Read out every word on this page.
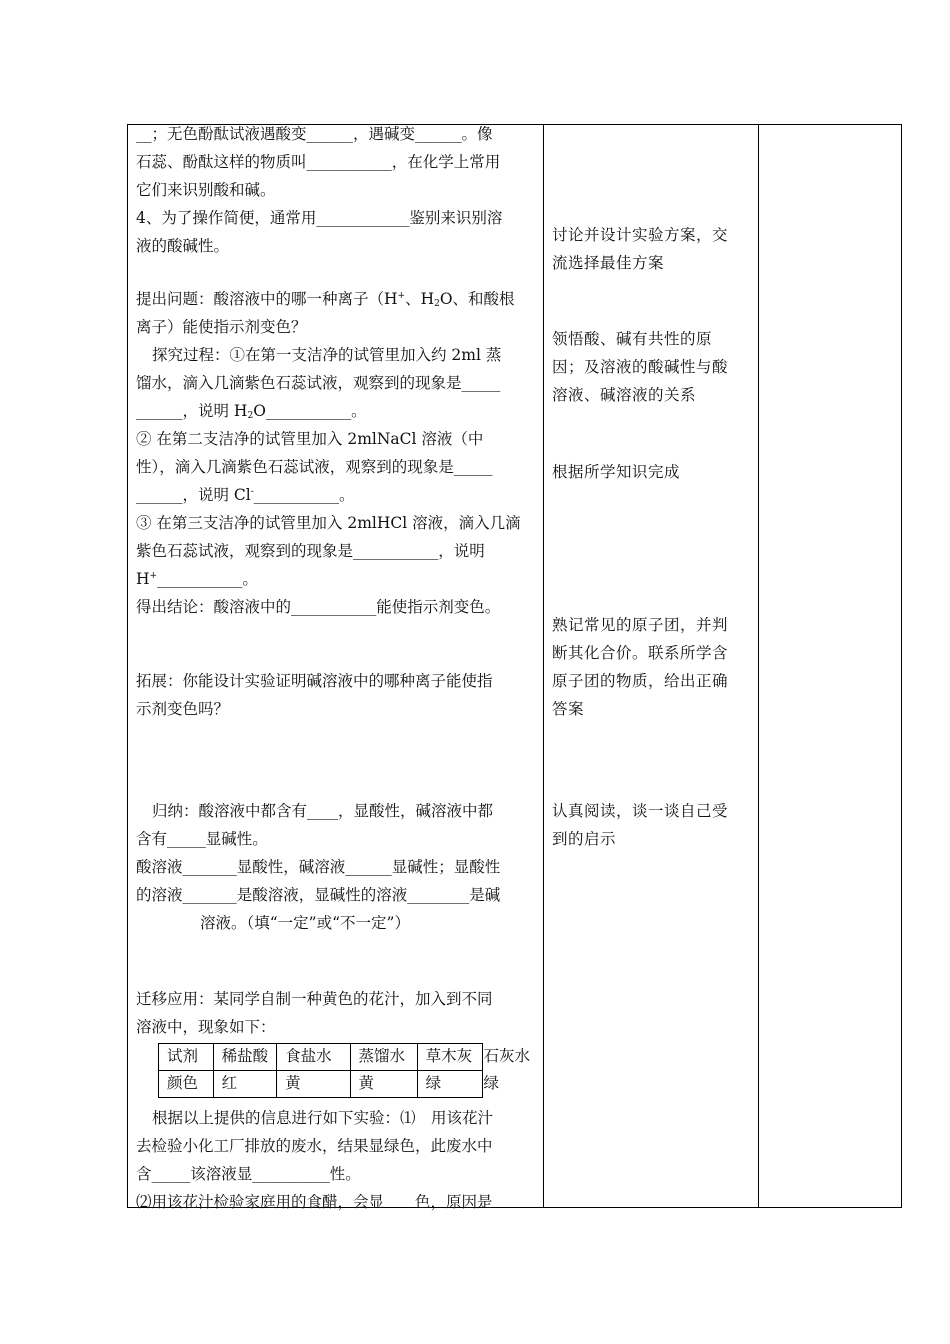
__；无色酚酞试液遇酸变______，遇碱变______。像

石蕊、酚酞这样的物质叫___________，在化学上常用

它们来识别酸和碱。

4、为了操作简便，通常用____________鉴别来识别溶

液的酸碱性。

提出问题：酸溶液中的哪一种离子（H+、$H_2O$、和酸根

离子）能使指示剂变色？

探究过程：①在第一支洁净的试管里加入约 2ml 蒸

馏水，滴入几滴紫色石蕊试液，观察到的现象是_____

______，说明 $H_2O\_\_\_\_\_\_\_\_\_\_\_$。

② 在第二支洁净的试管里加入 2mlNaCl 溶液（中

性），滴入几滴紫色石蕊试液，观察到的现象是_____

______，说明 Cl-___________。

③ 在第三支洁净的试管里加入 2mlHCl 溶液，滴入几滴

紫色石蕊试液，观察到的现象是___________，说明

H+___________。

得出结论：酸溶液中的___________能使指示剂变色。

拓展：你能设计实验证明碱溶液中的哪种离子能使指

示剂变色吗？

归纳：酸溶液中都含有____，显酸性，碱溶液中都

含有_____显碱性。

酸溶液_______显酸性，碱溶液______显碱性；显酸性

的溶液_______是酸溶液，显碱性的溶液________是碱

溶液。（填“一定”或“不一定”）

迁移应用：某同学自制一种黄色的花汁，加入到不同

溶液中，现象如下：

试剂	稀盐酸	食盐水	蒸馏水	草木灰	石灰水
颜色	红	黄	黄	绿	绿

根据以上提供的信息进行如下实验：⑴　用该花汁

去检验小化工厂排放的废水，结果显绿色，此废水中

含_____该溶液显__________性。

⑵用该花汁检验家庭用的食醋，会显　　色，原因是

讨论并设计实验方案，交

流选择最佳方案

领悟酸、碱有共性的原

因；及溶液的酸碱性与酸

溶液、碱溶液的关系

根据所学知识完成

熟记常见的原子团，并判

断其化合价。联系所学含

原子团的物质，给出正确

答案

认真阅读，谈一谈自己受

到的启示
